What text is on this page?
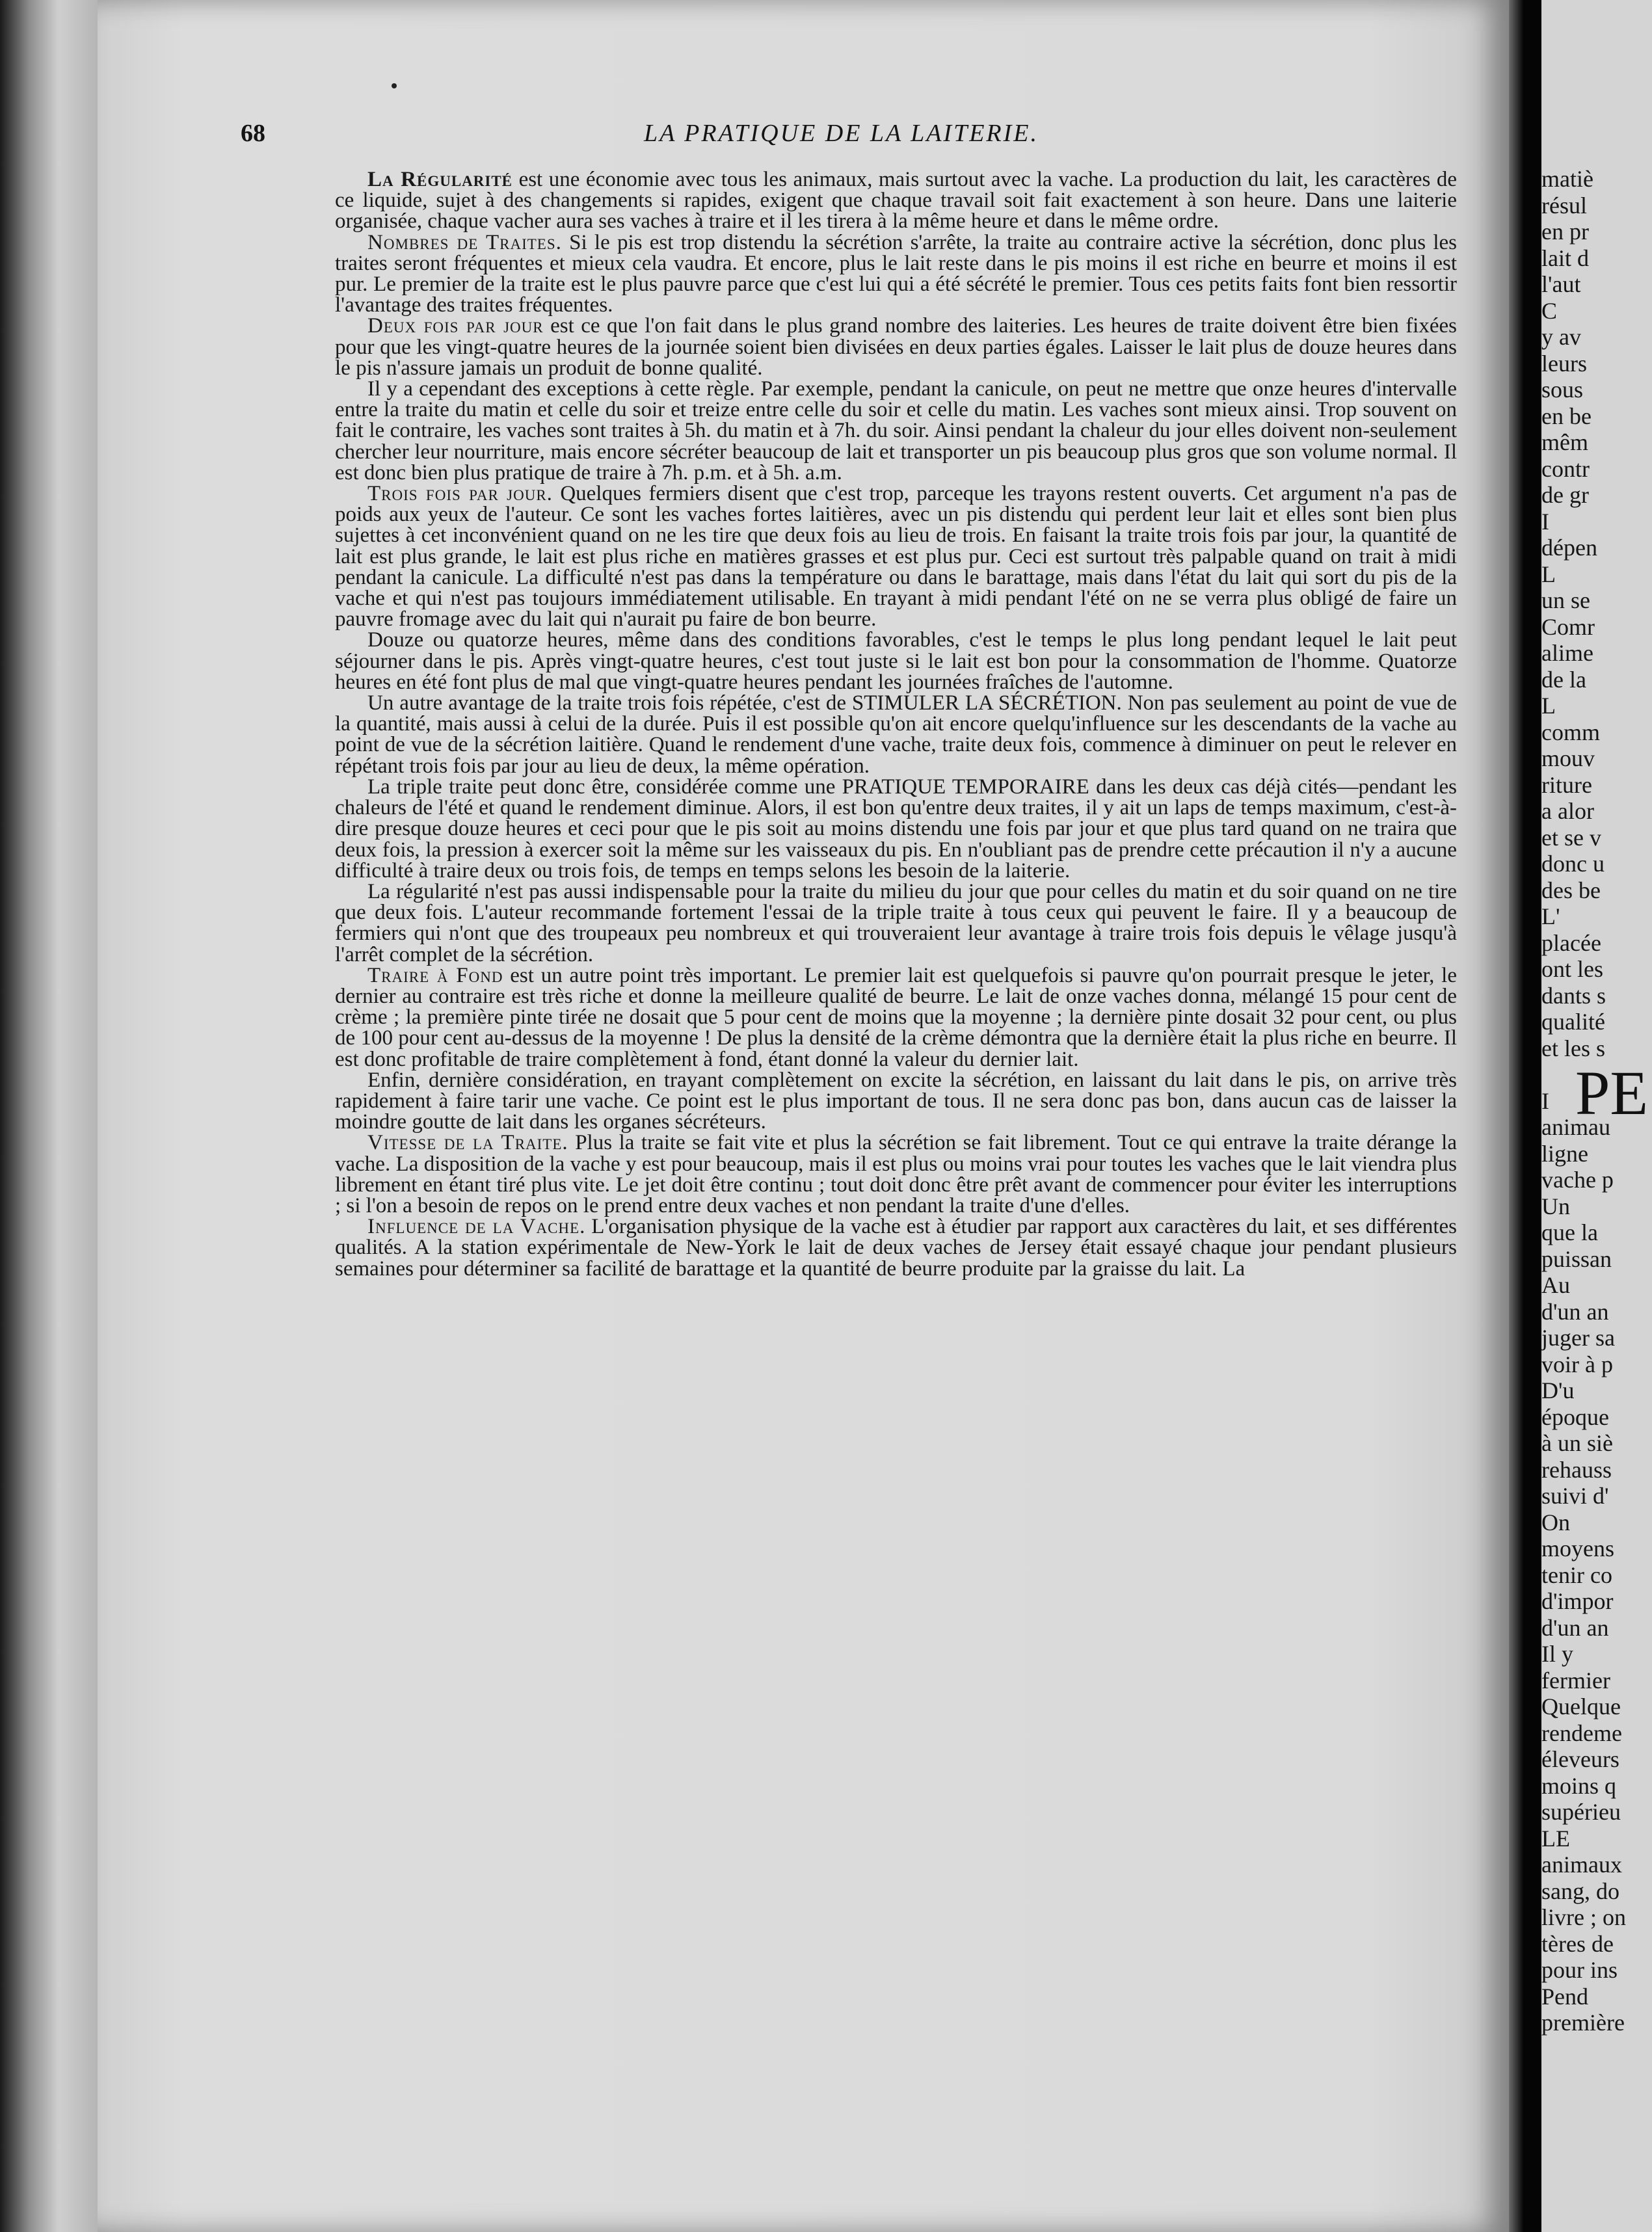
68	LA PRATIQUE DE LA LAITERIE.

La Régularité est une économie avec tous les animaux, mais surtout avec la vache. La production du lait, les caractères de ce liquide, sujet à des changements si rapides, exigent que chaque travail soit fait exactement à son heure. Dans une laiterie organisée, chaque vacher aura ses vaches à traire et il les tirera à la même heure et dans le même ordre.

Nombres de Traites. Si le pis est trop distendu la sécrétion s'arrête, la traite au contraire active la sécrétion, donc plus les traites seront fréquentes et mieux cela vaudra. Et encore, plus le lait reste dans le pis moins il est riche en beurre et moins il est pur. Le premier de la traite est le plus pauvre parce que c'est lui qui a été sécrété le premier. Tous ces petits faits font bien ressortir l'avantage des traites fréquentes.

Deux fois par jour est ce que l'on fait dans le plus grand nombre des laiteries. Les heures de traite doivent être bien fixées pour que les vingt-quatre heures de la journée soient bien divisées en deux parties égales. Laisser le lait plus de douze heures dans le pis n'assure jamais un produit de bonne qualité.

Il y a cependant des exceptions à cette règle. Par exemple, pendant la canicule, on peut ne mettre que onze heures d'intervalle entre la traite du matin et celle du soir et treize entre celle du soir et celle du matin. Les vaches sont mieux ainsi. Trop souvent on fait le contraire, les vaches sont traites à 5h. du matin et à 7h. du soir. Ainsi pendant la chaleur du jour elles doivent non-seulement chercher leur nourriture, mais encore sécréter beaucoup de lait et transporter un pis beaucoup plus gros que son volume normal. Il est donc bien plus pratique de traire à 7h. p.m. et à 5h. a.m.

Trois fois par jour. Quelques fermiers disent que c'est trop, parceque les trayons restent ouverts. Cet argument n'a pas de poids aux yeux de l'auteur. Ce sont les vaches fortes laitières, avec un pis distendu qui perdent leur lait et elles sont bien plus sujettes à cet inconvénient quand on ne les tire que deux fois au lieu de trois. En faisant la traite trois fois par jour, la quantité de lait est plus grande, le lait est plus riche en matières grasses et est plus pur. Ceci est surtout très palpable quand on trait à midi pendant la canicule. La difficulté n'est pas dans la température ou dans le barattage, mais dans l'état du lait qui sort du pis de la vache et qui n'est pas toujours immédiatement utilisable. En trayant à midi pendant l'été on ne se verra plus obligé de faire un pauvre fromage avec du lait qui n'aurait pu faire de bon beurre.

Douze ou quatorze heures, même dans des conditions favorables, c'est le temps le plus long pendant lequel le lait peut séjourner dans le pis. Après vingt-quatre heures, c'est tout juste si le lait est bon pour la consommation de l'homme. Quatorze heures en été font plus de mal que vingt-quatre heures pendant les journées fraîches de l'automne.

Un autre avantage de la traite trois fois répétée, c'est de STIMULER LA SÉCRÉTION. Non pas seulement au point de vue de la quantité, mais aussi à celui de la durée. Puis il est possible qu'on ait encore quelqu'influence sur les descendants de la vache au point de vue de la sécrétion laitière. Quand le rendement d'une vache, traite deux fois, commence à diminuer on peut le relever en répétant trois fois par jour au lieu de deux, la même opération.

La triple traite peut donc être, considérée comme une PRATIQUE TEMPORAIRE dans les deux cas déjà cités—pendant les chaleurs de l'été et quand le rendement diminue. Alors, il est bon qu'entre deux traites, il y ait un laps de temps maximum, c'est-à-dire presque douze heures et ceci pour que le pis soit au moins distendu une fois par jour et que plus tard quand on ne traira que deux fois, la pression à exercer soit la même sur les vaisseaux du pis. En n'oubliant pas de prendre cette précaution il n'y a aucune difficulté à traire deux ou trois fois, de temps en temps selons les besoin de la laiterie.

La régularité n'est pas aussi indispensable pour la traite du milieu du jour que pour celles du matin et du soir quand on ne tire que deux fois. L'auteur recommande fortement l'essai de la triple traite à tous ceux qui peuvent le faire. Il y a beaucoup de fermiers qui n'ont que des troupeaux peu nombreux et qui trouveraient leur avantage à traire trois fois depuis le vêlage jusqu'à l'arrêt complet de la sécrétion.

Traire à Fond est un autre point très important. Le premier lait est quelquefois si pauvre qu'on pourrait presque le jeter, le dernier au contraire est très riche et donne la meilleure qualité de beurre. Le lait de onze vaches donna, mélangé 15 pour cent de crème ; la première pinte tirée ne dosait que 5 pour cent de moins que la moyenne ; la dernière pinte dosait 32 pour cent, ou plus de 100 pour cent au-dessus de la moyenne ! De plus la densité de la crème démontra que la dernière était la plus riche en beurre. Il est donc profitable de traire complètement à fond, étant donné la valeur du dernier lait.

Enfin, dernière considération, en trayant complètement on excite la sécrétion, en laissant du lait dans le pis, on arrive très rapidement à faire tarir une vache. Ce point est le plus important de tous. Il ne sera donc pas bon, dans aucun cas de laisser la moindre goutte de lait dans les organes sécréteurs.

Vitesse de la Traite. Plus la traite se fait vite et plus la sécrétion se fait librement. Tout ce qui entrave la traite dérange la vache. La disposition de la vache y est pour beaucoup, mais il est plus ou moins vrai pour toutes les vaches que le lait viendra plus librement en étant tiré plus vite. Le jet doit être continu ; tout doit donc être prêt avant de commencer pour éviter les interruptions ; si l'on a besoin de repos on le prend entre deux vaches et non pendant la traite d'une d'elles.

Influence de la Vache. L'organisation physique de la vache est à étudier par rapport aux caractères du lait, et ses différentes qualités. A la station expérimentale de New-York le lait de deux vaches de Jersey était essayé chaque jour pendant plusieurs semaines pour déterminer sa facilité de barattage et la quantité de beurre produite par la graisse du lait. La

matiè
résul
en pr
lait d
l'aut
C
y av
leurs
sous
en be
mêm
contr
de gr
I
dépen
L
un se
Comr
alime
de la
L
comm
mouv
riture
a alor
et se v
donc u
des be
L'
placée
ont les
dants s
qualité
et les s

I
animau
ligne
vache p
Un
que la
puissan
Au
d'un an
juger sa
voir à p
D'u
époque
à un siè
rehauss
suivi d'
On
moyens
tenir co
d'impor
d'un an
Il y
fermier
Quelque
rendeme
éleveurs
moins q
supérieu
LE
animaux
sang, do
livre ; on
tères de
pour ins
Pend
première
PE
